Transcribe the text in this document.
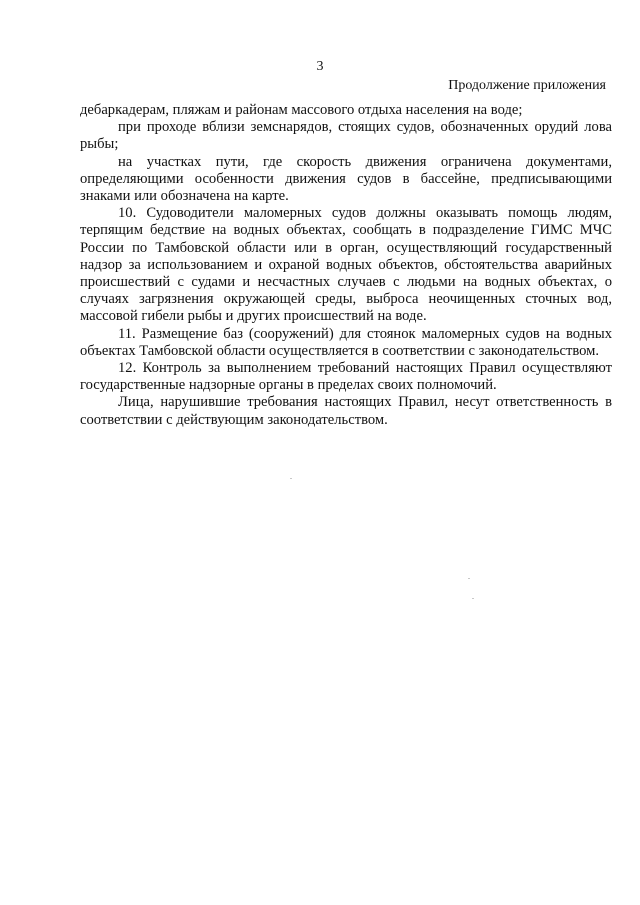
3
Продолжение приложения

дебаркадерам, пляжам и районам массового отдыха населения на воде;

при проходе вблизи земснарядов, стоящих судов, обозначенных орудий лова рыбы;

на участках пути, где скорость движения ограничена документами, определяющими особенности движения судов в бассейне, предписывающими знаками или обозначена на карте.

10. Судоводители маломерных судов должны оказывать помощь людям, терпящим бедствие на водных объектах, сообщать в подразделение ГИМС МЧС России по Тамбовской области или в орган, осуществляющий государственный надзор за использованием и охраной водных объектов, обстоятельства аварийных происшествий с судами и несчастных случаев с людьми на водных объектах, о случаях загрязнения окружающей среды, выброса неочищенных сточных вод, массовой гибели рыбы и других происшествий на воде.

11. Размещение баз (сооружений) для стоянок маломерных судов на водных объектах Тамбовской области осуществляется в соответствии с законодательством.

12. Контроль за выполнением требований настоящих Правил осуществляют государственные надзорные органы в пределах своих полномочий.

Лица, нарушившие требования настоящих Правил, несут ответственность в соответствии с действующим законодательством.
